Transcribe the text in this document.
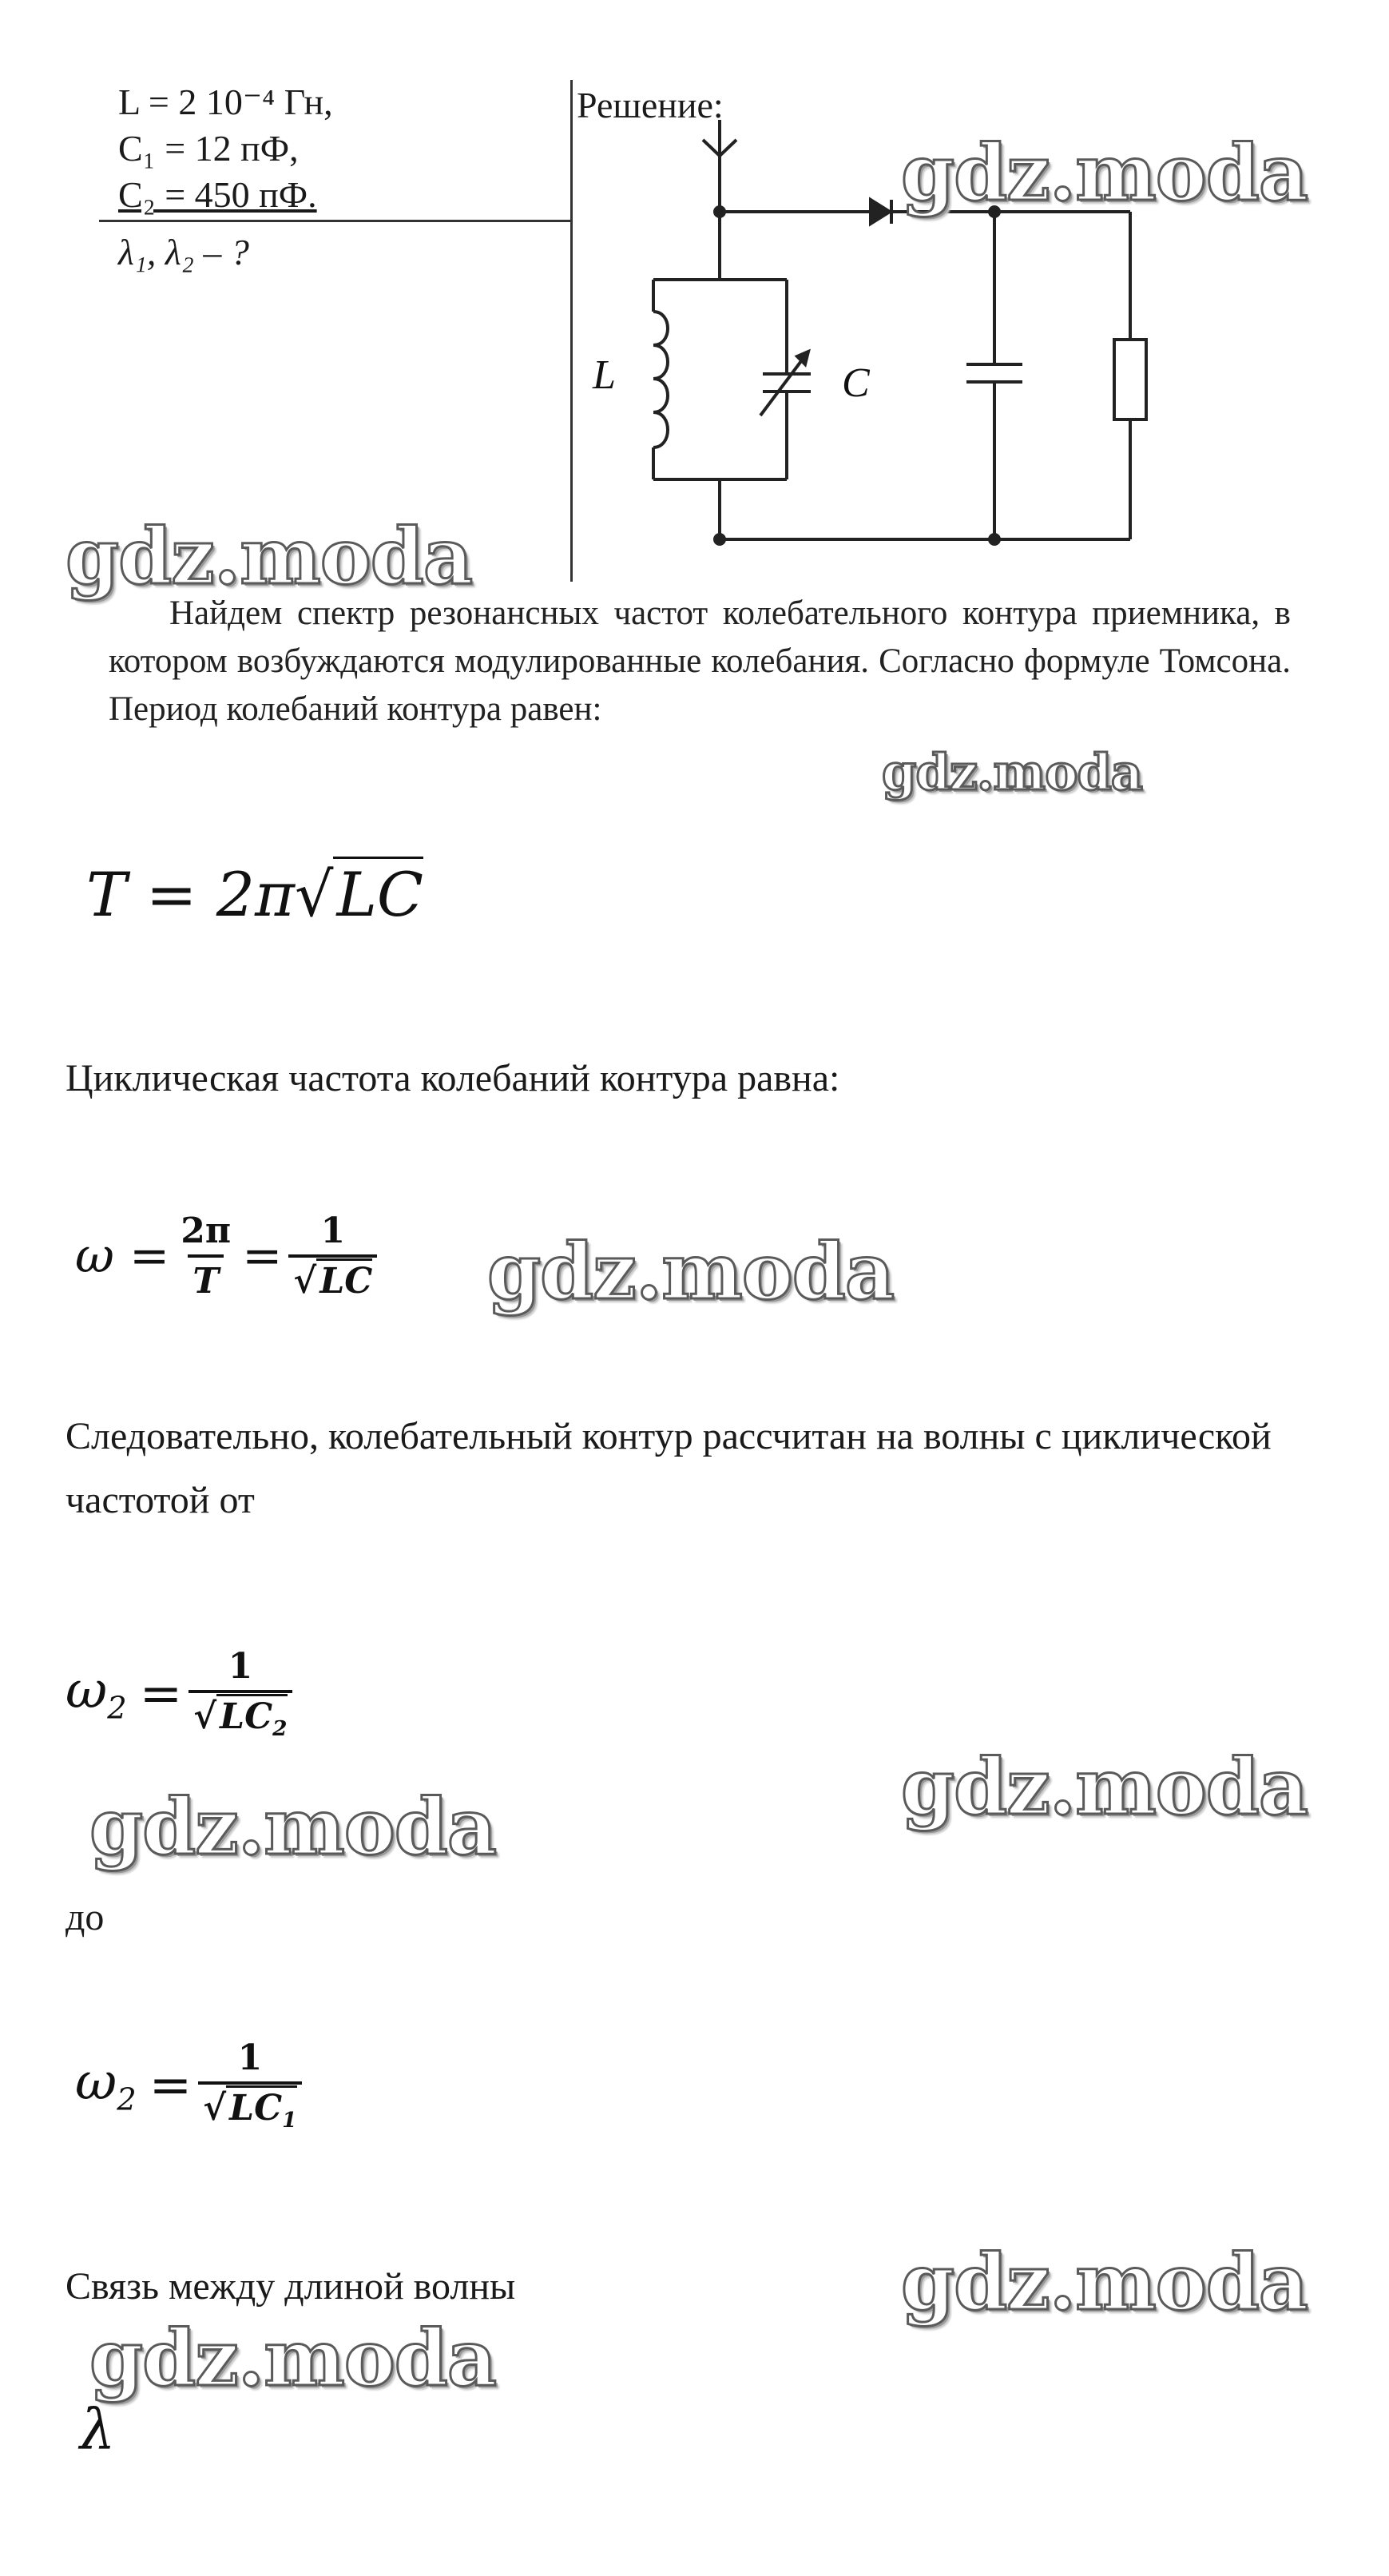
L = 2 10⁻⁴ Гн,
C₁ = 12 пФ,
C₂ = 450 пФ.
λ₁, λ₂ – ?
Решение:
L	C

Найдем спектр резонансных частот колебательного контура приемника, в котором возбуждаются модулированные колебания. Согласно формуле Томсона. Период колебаний контура равен:

T = 2π√LC
Циклическая частота колебаний контура равна:
$\omega = \frac{2\pi}{T} = \frac{1}{√LC}$
Следовательно, колебательный контур рассчитан на волны с циклической частотой от
$\omega_2 = \frac{1}{√LC_2}$
до
$\omega_2 = \frac{1}{√LC_1}$
Связь между длиной волны
λ
gdz.moda
gdz.moda
gdz.moda
gdz.moda
gdz.moda
gdz.moda
gdz.moda
gdz.moda
